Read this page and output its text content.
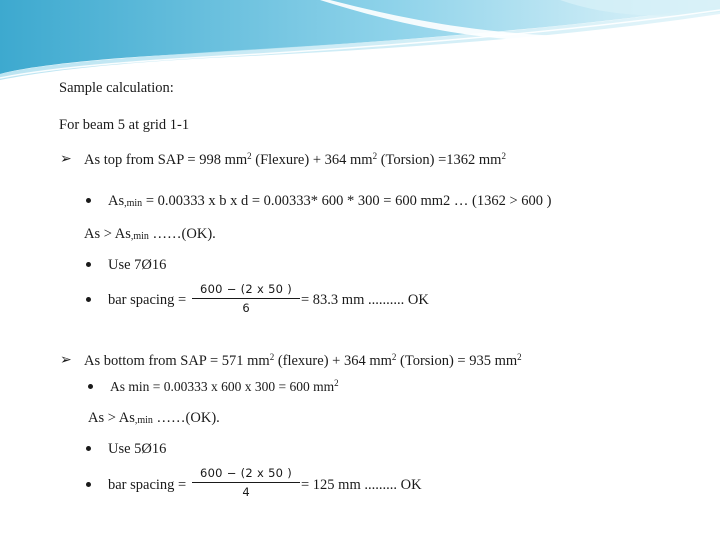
Sample calculation:
For beam 5 at grid 1-1
➢ As top from SAP = 998 $mm^2$ (Flexure) + 364 $mm^2$ (Torsion) =1362 $mm^2$
$As_{,min} = 0.00333$ x b x d = 0.00333* 600 * 300 = 600 mm2 … (1362 > 600 )
$As > As_{,min}$ ……(OK).
Use 7Ø16
bar spacing =
600 − (2 x 50 )
6	= 83.3 mm .......... OK
➢ As bottom from SAP = 571 $mm^2$ (flexure) + 364 $mm^2$ (Torsion) = 935 $mm^2$
As min = 0.00333 x 600 x 300 = 600 $mm^2$
$As > As_{,min}$ ……(OK).
Use 5Ø16
bar spacing =
600 − (2 x 50 )
4	= 125 mm ......... OK
